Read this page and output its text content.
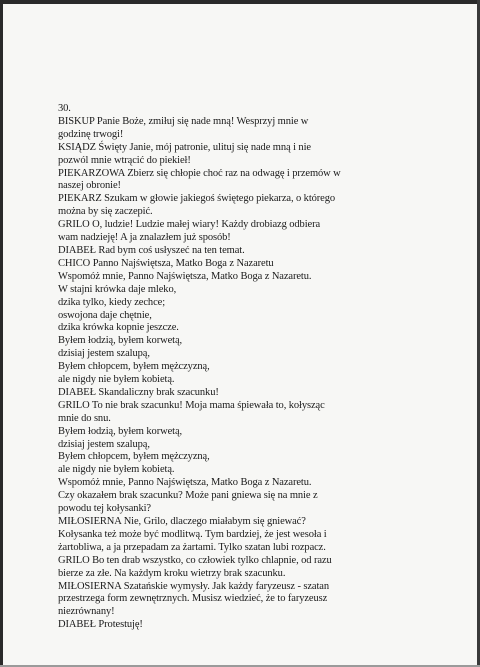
30.
BISKUP Panie Boże, zmiłuj się nade mną! Wesprzyj mnie w
godzinę trwogi!
KSIĄDZ Święty Janie, mój patronie, ulituj się nade mną i nie
pozwól mnie wtrącić do piekieł!
PIEKARZOWA Zbierz się chłopie choć raz na odwagę i przemów w
naszej obronie!
PIEKARZ Szukam w głowie jakiegoś świętego piekarza, o którego
można by się zaczepić.
GRILO O, ludzie! Ludzie małej wiary! Każdy drobiazg odbiera
wam nadzieję! A ja znalazłem już sposób!
DIABEŁ Rad bym coś usłyszeć na ten temat.
CHICO Panno Najświętsza, Matko Boga z Nazaretu
Wspomóż mnie, Panno Najświętsza, Matko Boga z Nazaretu.
W stajni krówka daje mleko,
dzika tylko, kiedy zechce;
oswojona daje chętnie,
dzika krówka kopnie jeszcze.
Byłem łodzią, byłem korwetą,
dzisiaj jestem szalupą,
Byłem chłopcem, byłem mężczyzną,
ale nigdy nie byłem kobietą.
DIABEŁ Skandaliczny brak szacunku!
GRILO To nie brak szacunku! Moja mama śpiewała to, kołysząc
mnie do snu.
Byłem łodzią, byłem korwetą,
dzisiaj jestem szalupą,
Byłem chłopcem, byłem mężczyzną,
ale nigdy nie byłem kobietą.
Wspomóż mnie, Panno Najświętsza, Matko Boga z Nazaretu.
Czy okazałem brak szacunku? Może pani gniewa się na mnie z
powodu tej kołysanki?
MIŁOSIERNA Nie, Grilo, dlaczego miałabym się gniewać?
Kołysanka też może być modlitwą. Tym bardziej, że jest wesoła i
żartobliwa, a ja przepadam za żartami. Tylko szatan lubi rozpacz.
GRILO Bo ten drab wszystko, co człowiek tylko chlapnie, od razu
bierze za złe. Na każdym kroku wietrzy brak szacunku.
MIŁOSIERNA Szatańskie wymysły. Jak każdy faryzeusz - szatan
przestrzega form zewnętrznych. Musisz wiedzieć, że to faryzeusz
niezrównany!
DIABEŁ Protestuję!
